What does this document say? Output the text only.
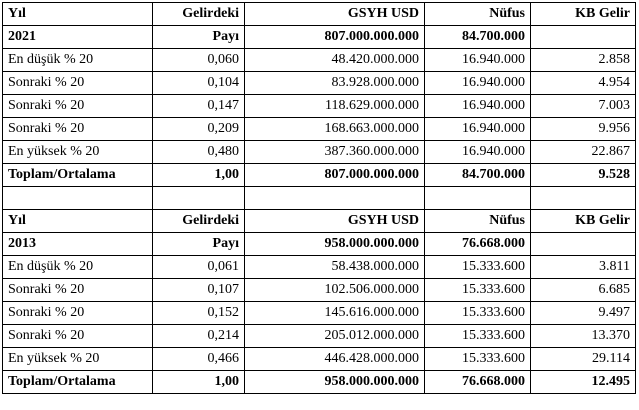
Yıl	Gelirdeki	GSYH USD	Nüfus	KB Gelir
2021	Payı	807.000.000.000	84.700.000	
En düşük % 20	0,060	48.420.000.000	16.940.000	2.858
Sonraki % 20	0,104	83.928.000.000	16.940.000	4.954
Sonraki % 20	0,147	118.629.000.000	16.940.000	7.003
Sonraki % 20	0,209	168.663.000.000	16.940.000	9.956
En yüksek % 20	0,480	387.360.000.000	16.940.000	22.867
Toplam/Ortalama	1,00	807.000.000.000	84.700.000	9.528

Yıl	Gelirdeki	GSYH USD	Nüfus	KB Gelir
2013	Payı	958.000.000.000	76.668.000	
En düşük % 20	0,061	58.438.000.000	15.333.600	3.811
Sonraki % 20	0,107	102.506.000.000	15.333.600	6.685
Sonraki % 20	0,152	145.616.000.000	15.333.600	9.497
Sonraki % 20	0,214	205.012.000.000	15.333.600	13.370
En yüksek % 20	0,466	446.428.000.000	15.333.600	29.114
Toplam/Ortalama	1,00	958.000.000.000	76.668.000	12.495
